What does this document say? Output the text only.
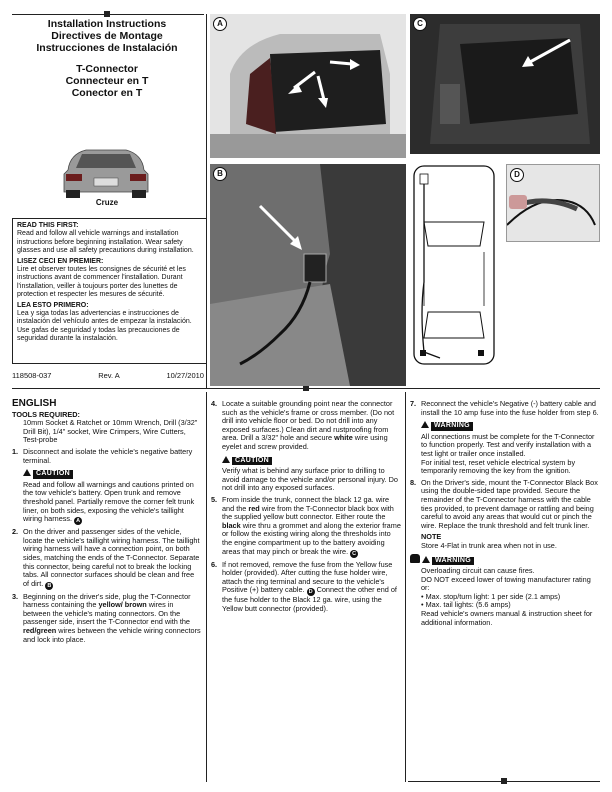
Installation Instructions
Directives de Montage
Instrucciones de Instalación
T-Connector
Connecteur en T
Conector en T
Cruze

READ THIS FIRST:
Read and follow all vehicle warnings and installation instructions before beginning installation. Wear safety glasses and use all safety precautions during installation.

LISEZ CECI EN PREMIER:
Lire et observer toutes les consignes de sécurité et les instructions avant de commencer l'installation. Durant l'installation, veiller à toujours porter des lunettes de protection et respecter les mesures de sécurité.

LEA ESTO PRIMERO:
Lea y siga todas las advertencias e instrucciones de instalación del vehículo antes de empezar la instalación. Use gafas de seguridad y todas las precauciones de seguridad durante la instalación.

118508-037	Rev. A	10/27/2010
A	C
B	D
ENGLISH
TOOLS REQUIRED:
10mm Socket & Ratchet or 10mm Wrench, Drill (3/32" Drill Bit), 1/4" socket, Wire Crimpers, Wire Cutters, Test-probe
1. Disconnect and isolate the vehicle's negative battery terminal.
CAUTION
Read and follow all warnings and cautions printed on the tow vehicle's battery. Open trunk and remove threshold panel. Partially remove the corner felt trunk liner, on both sides, exposing the vehicle's taillight wiring harness. A
2. On the driver and passenger sides of the vehicle, locate the vehicle's taillight wiring harness. The taillight wiring harness will have a connection point, on both sides, matching the ends of the T-Connector. Separate this connector, being careful not to break the locking tabs. All connector surfaces should be clean and free of dirt. B
3. Beginning on the driver's side, plug the T-Connector harness containing the yellow/ brown wires in between the vehicle's mating connectors. On the passenger side, insert the T-Connector end with the red/green wires between the vehicle wiring connectors and lock into place.
4. Locate a suitable grounding point near the connector such as the vehicle's frame or cross member. (Do not drill into vehicle floor or bed. Do not drill into any exposed surfaces.) Clean dirt and rustproofing from area. Drill a 3/32" hole and secure white wire using eyelet and screw provided.
CAUTION
Verify what is behind any surface prior to drilling to avoid damage to the vehicle and/or personal injury. Do not drill into any exposed surfaces.
5. From inside the trunk, connect the black 12 ga. wire and the red wire from the T-Connector black box with the supplied yellow butt connector. Either route the black wire thru a grommet and along the exterior frame or follow the existing wiring along the thresholds into the engine compartment up to the battery avoiding areas that may pinch or break the wire. C
6. If not removed, remove the fuse from the Yellow fuse holder (provided). After cutting the fuse holder wire, attach the ring terminal and secure to the vehicle's Positive (+) battery cable. D Connect the other end of the fuse holder to the Black 12 ga. wire, using the Yellow butt connector (provided).
7. Reconnect the vehicle's Negative (-) battery cable and install the 10 amp fuse into the fuse holder from step 6.
WARNING
All connections must be complete for the T-Connector to function properly. Test and verify installation with a test light or trailer once installed.
For initial test, reset vehicle electrical system by temporarily removing the key from the ignition.
8. On the Driver's side, mount the T-Connector Black Box using the double-sided tape provided. Secure the remainder of the T-Connector harness with the cable ties provided, to prevent damage or rattling and being careful to avoid any areas that would cut or pinch the wire. Replace the trunk threshold and felt trunk liner.
NOTE
Store 4-Flat in trunk area when not in use.
WARNING
Overloading circuit can cause fires.
DO NOT exceed lower of towing manufacturer rating or:
• Max. stop/turn light: 1 per side (2.1 amps)
• Max. tail lights: (5.6 amps)
Read vehicle's owners manual & instruction sheet for additional information.
